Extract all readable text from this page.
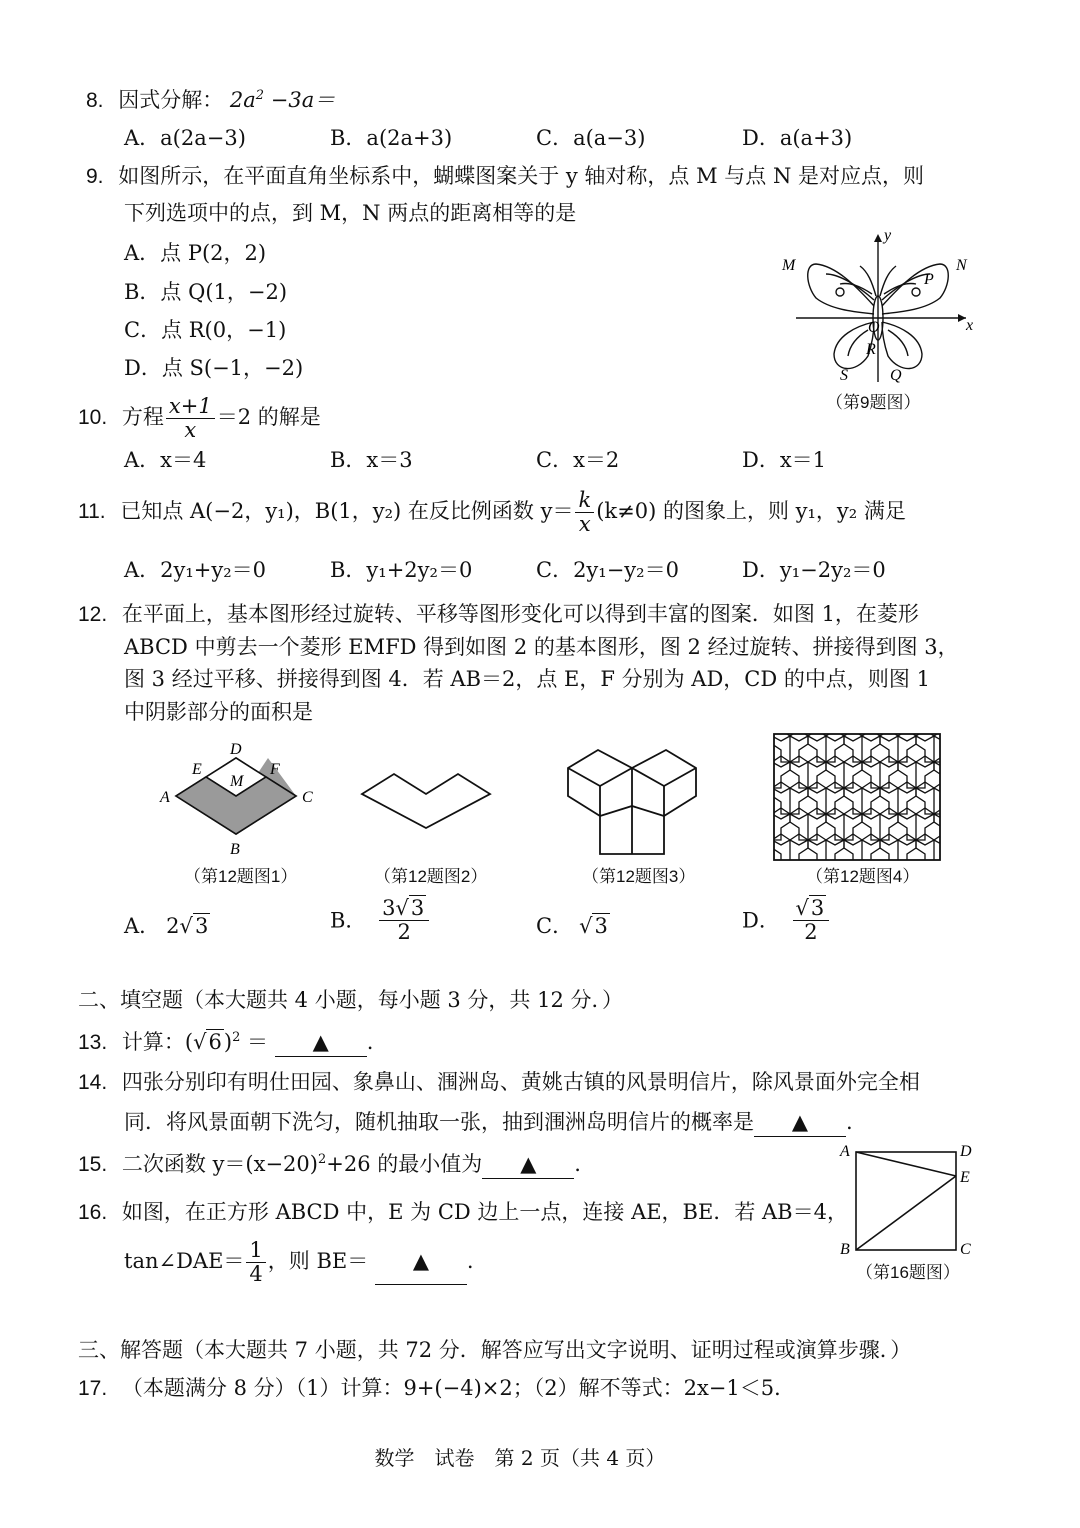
8. 因式分解： $2a^2 -3a=$
A．a(2a−3)	B．a(2a+3)	C．a(a−3)	D．a(a+3)
9. 如图所示，在平面直角坐标系中，蝴蝶图案关于 y 轴对称，点 M 与点 N 是对应点，则
下列选项中的点，到 M，N 两点的距离相等的是
A．点 P(2，2)
B．点 Q(1，−2)
C．点 R(0，−1)
D．点 S(−1，−2)
M	N
y
x
P
O
R
S	Q
（第9题图）
10. 方程 $\frac{x+1}{x} =2$ 的解是
A．x＝4	B．x＝3	C．x＝2	D．x＝1
11. 已知点 A(−2，y₁)，B(1，y₂) 在反比例函数 $y= \frac{k}{x} (k\ne 0)$ 的图象上，则 y₁，y₂ 满足
A．2y₁+y₂＝0	B．y₁+2y₂＝0	C．2y₁−y₂＝0	D．y₁−2y₂＝0
12. 在平面上，基本图形经过旋转、平移等图形变化可以得到丰富的图案．如图 1，在菱形
ABCD 中剪去一个菱形 EMFD 得到如图 2 的基本图形，图 2 经过旋转、拼接得到图 3，
图 3 经过平移、拼接得到图 4．若 AB＝2，点 E，F 分别为 AD，CD 的中点，则图 1
中阴影部分的面积是
A
B
C
D
E	F
M
（第12题图1）	（第12题图2）	（第12题图3）	（第12题图4）
A． 2√3	B． $\frac{3√3}{2}$	C． √3	D． $\frac{√3}{2}$
二、填空题（本大题共 4 小题，每小题 3 分，共 12 分．）
13. 计算：$(√6)^2$ ＝ ▲ .
14. 四张分别印有明仕田园、象鼻山、涠洲岛、黄姚古镇的风景明信片，除风景面外完全相
同．将风景面朝下洗匀，随机抽取一张，抽到涠洲岛明信片的概率是 ▲ .
15. 二次函数 $y=(x-20)^2+26$ 的最小值为 ▲ .
16. 如图，在正方形 ABCD 中，E 为 CD 边上一点，连接 AE，BE．若 AB＝4，
tan∠DAE＝ $\frac{1}{4}$ ，则 BE＝ ▲ .
A	D
E
B	C
（第16题图）
三、解答题（本大题共 7 小题，共 72 分．解答应写出文字说明、证明过程或演算步骤．）
17. （本题满分 8 分）（1）计算：9+(−4)×2；（2）解不等式：2x−1＜5．
数学　试卷　第 2 页（共 4 页）
